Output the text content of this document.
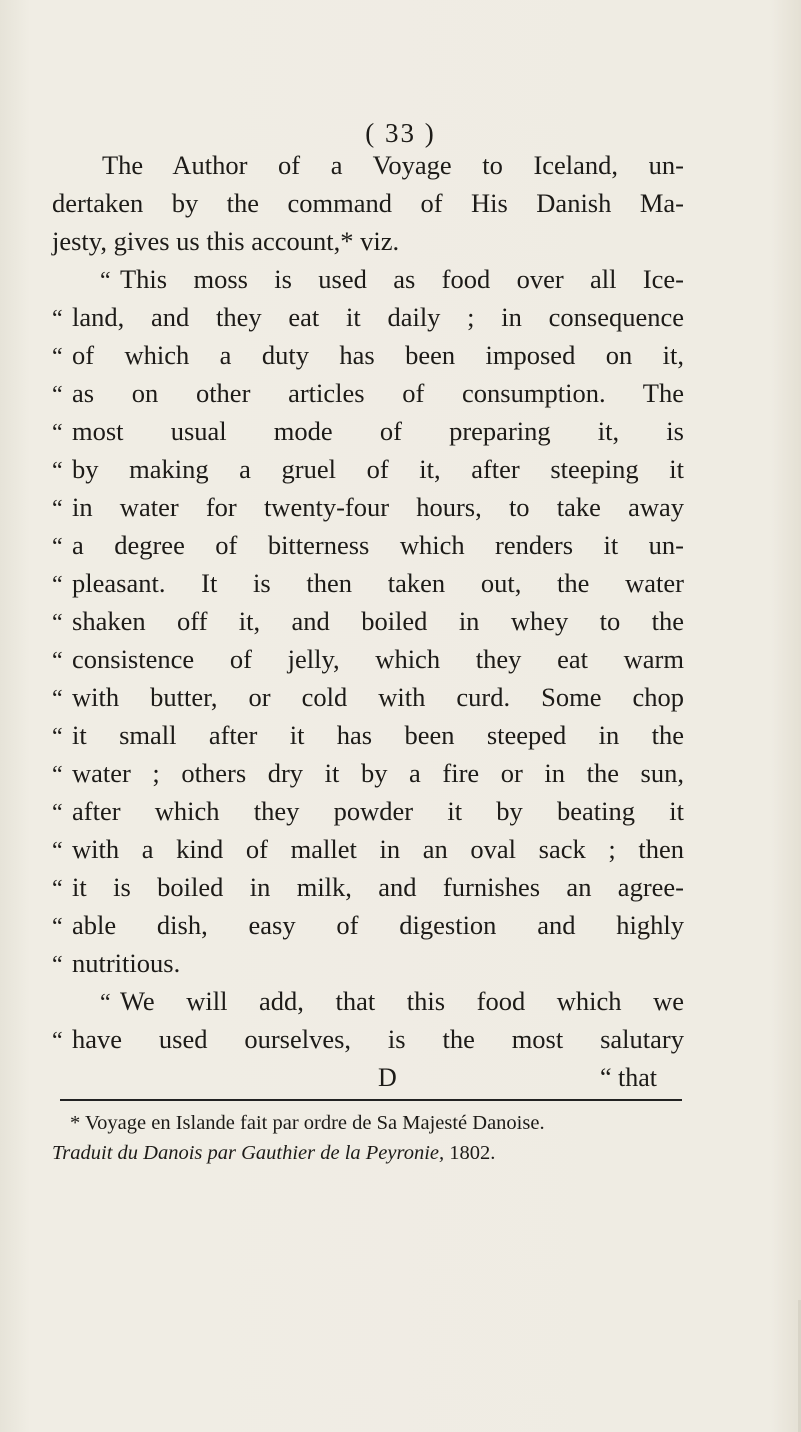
( 33 )
The Author of a Voyage to Iceland, un-
dertaken by the command of His Danish Ma-
jesty, gives us this account,* viz.
“ This moss is used as food over all Ice-
“ land, and they eat it daily ; in consequence
“ of which a duty has been imposed on it,
“ as on other articles of consumption. The
“ most usual mode of preparing it, is
“ by making a gruel of it, after steeping it
“ in water for twenty-four hours, to take away
“ a degree of bitterness which renders it un-
“ pleasant. It is then taken out, the water
“ shaken off it, and boiled in whey to the
“ consistence of jelly, which they eat warm
“ with butter, or cold with curd. Some chop
“ it small after it has been steeped in the
“ water ; others dry it by a fire or in the sun,
“ after which they powder it by beating it
“ with a kind of mallet in an oval sack ; then
“ it is boiled in milk, and furnishes an agree-
“ able dish, easy of digestion and highly
“ nutritious.
“ We will add, that this food which we
“ have used ourselves, is the most salutary
D	“ that
* Voyage en Islande fait par ordre de Sa Majesté Danoise.
Traduit du Danois par Gauthier de la Peyronie, 1802.
